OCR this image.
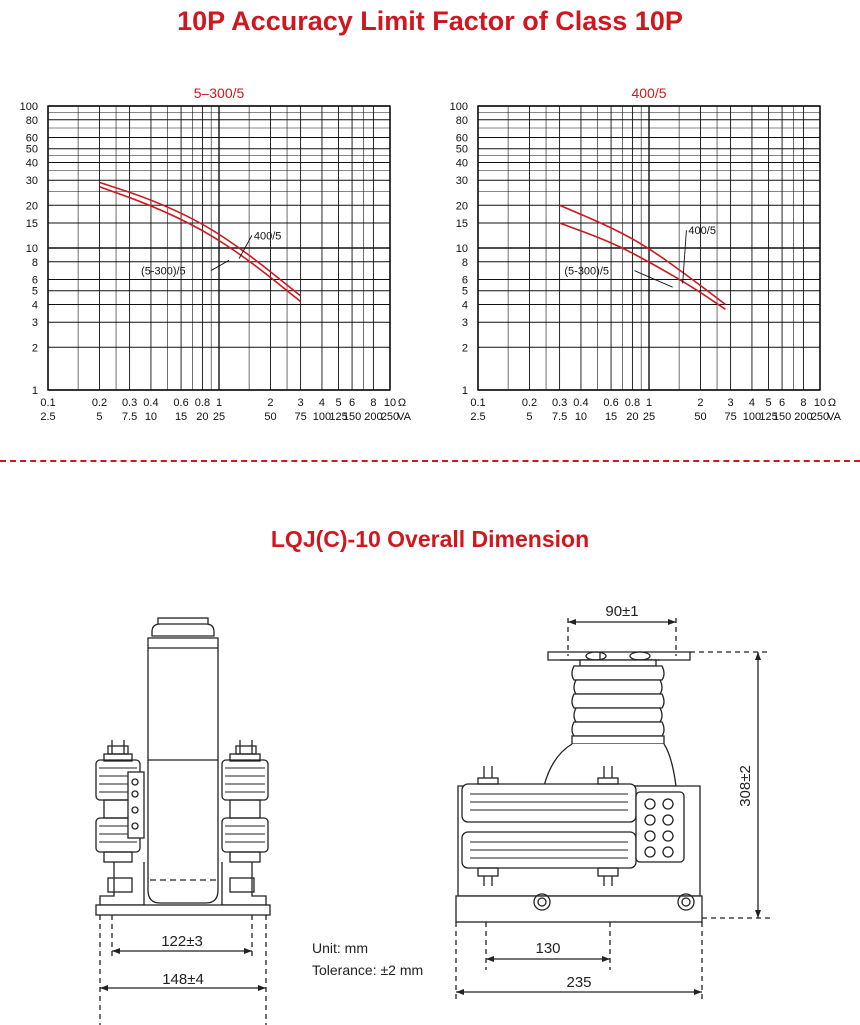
10P Accuracy Limit Factor of Class 10P
5–300/5
1
2
3
4
5
6
8
10
15
20
30
40
50
60
80
100
0.1
2.5
0.2
5
0.3
7.5
0.4
10
0.6
15
0.8
20
1
25
2
50
3
75
4
100
5
125
6
150
8
200
10
250
Ω
VA
400/5
(5-300)/5
400/5
1
2
3
4
5
6
8
10
15
20
30
40
50
60
80
100
0.1
2.5
0.2
5
0.3
7.5
0.4
10
0.6
15
0.8
20
1
25
2
50
3
75
4
100
5
125
6
150
8
200
10
250
Ω
VA
400/5
(5-300)/5
LQJ(C)-10 Overall Dimension
122±3
148±4
90±1
308±2
130
235
Unit: mm
Tolerance: ±2 mm
